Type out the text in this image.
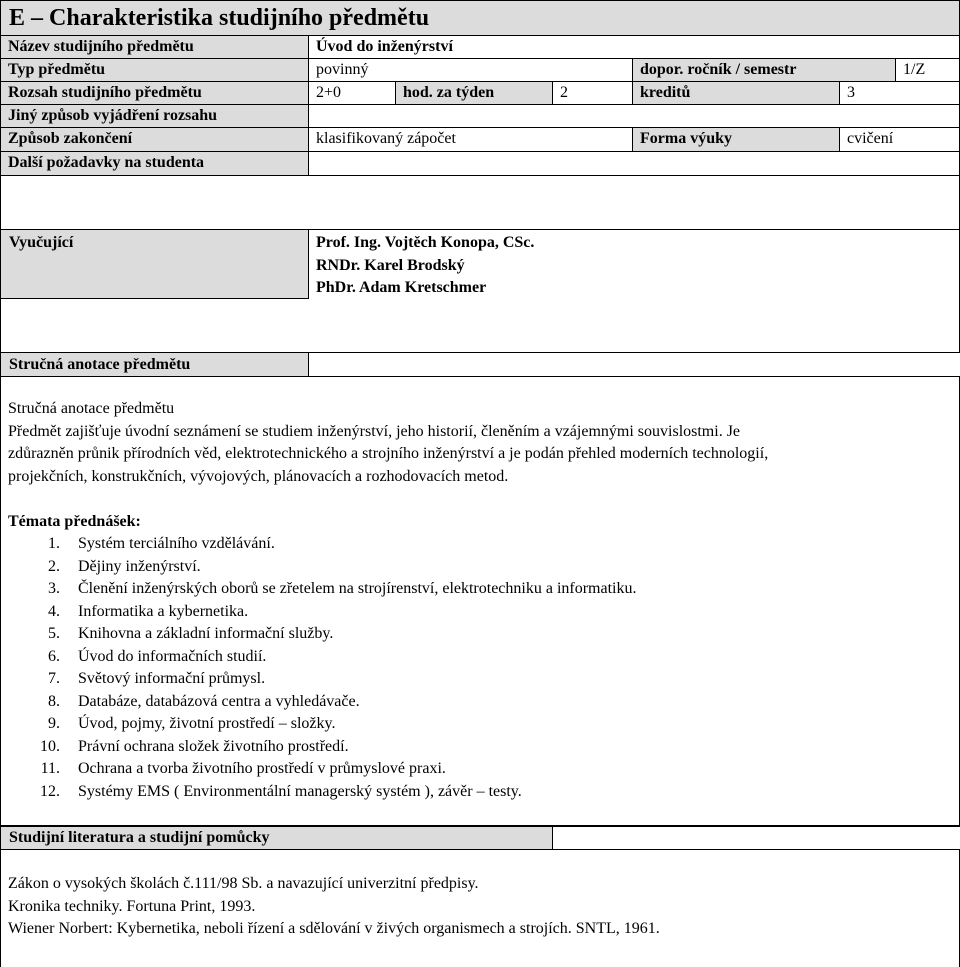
E – Charakteristika studijního předmětu
Název studijního předmětu	Úvod do inženýrství
Typ předmětu	povinný	dopor. ročník / semestr	1/Z
Rozsah studijního předmětu	2+0	hod. za týden	2	kreditů	3
Jiný způsob vyjádření rozsahu
Způsob zakončení	klasifikovaný zápočet	Forma výuky	cvičení
Další požadavky na studenta
Vyučující	Prof. Ing. Vojtěch Konopa, CSc.
RNDr. Karel Brodský
PhDr. Adam Kretschmer
Stručná anotace předmětu
Stručná anotace předmětu
Předmět zajišťuje úvodní seznámení se studiem inženýrství, jeho historií, členěním a vzájemnými souvislostmi. Je
zdůrazněn průnik přírodních věd, elektrotechnického a strojního inženýrství a je podán přehled moderních technologií,
projekčních, konstrukčních, vývojových, plánovacích a rozhodovacích metod.
Témata přednášek:
1. Systém terciálního vzdělávání.
2. Dějiny inženýrství.
3. Členění inženýrských oborů se zřetelem na strojírenství, elektrotechniku a informatiku.
4. Informatika a kybernetika.
5. Knihovna a základní informační služby.
6. Úvod do informačních studií.
7. Světový informační průmysl.
8. Databáze, databázová centra a vyhledávače.
9. Úvod, pojmy, životní prostředí – složky.
10. Právní ochrana složek životního prostředí.
11. Ochrana a tvorba životního prostředí v průmyslové praxi.
12. Systémy EMS ( Environmentální managerský systém ), závěr – testy.
Studijní literatura a studijní pomůcky
Zákon o vysokých školách č.111/98 Sb. a navazující univerzitní předpisy.
Kronika techniky. Fortuna Print, 1993.
Wiener Norbert: Kybernetika, neboli řízení a sdělování v živých organismech a strojích. SNTL, 1961.
